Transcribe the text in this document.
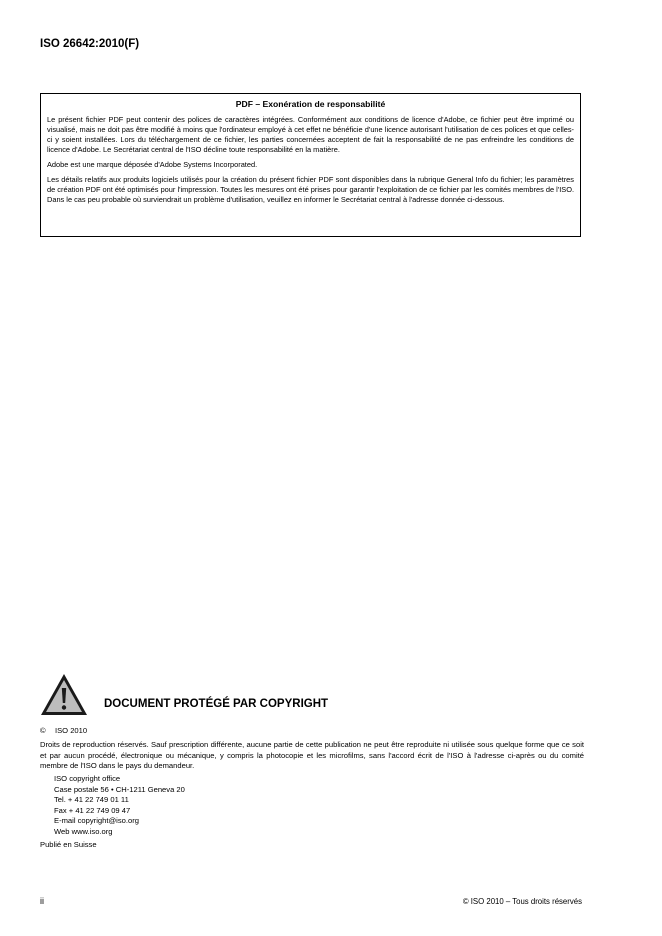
ISO 26642:2010(F)
PDF – Exonération de responsabilité

Le présent fichier PDF peut contenir des polices de caractères intégrées. Conformément aux conditions de licence d'Adobe, ce fichier peut être imprimé ou visualisé, mais ne doit pas être modifié à moins que l'ordinateur employé à cet effet ne bénéficie d'une licence autorisant l'utilisation de ces polices et que celles-ci y soient installées. Lors du téléchargement de ce fichier, les parties concernées acceptent de fait la responsabilité de ne pas enfreindre les conditions de licence d'Adobe. Le Secrétariat central de l'ISO décline toute responsabilité en la matière.

Adobe est une marque déposée d'Adobe Systems Incorporated.

Les détails relatifs aux produits logiciels utilisés pour la création du présent fichier PDF sont disponibles dans la rubrique General Info du fichier; les paramètres de création PDF ont été optimisés pour l'impression. Toutes les mesures ont été prises pour garantir l'exploitation de ce fichier par les comités membres de l'ISO. Dans le cas peu probable où surviendrait un problème d'utilisation, veuillez en informer le Secrétariat central à l'adresse donnée ci-dessous.

DOCUMENT PROTÉGÉ PAR COPYRIGHT
© ISO 2010
Droits de reproduction réservés. Sauf prescription différente, aucune partie de cette publication ne peut être reproduite ni utilisée sous quelque forme que ce soit et par aucun procédé, électronique ou mécanique, y compris la photocopie et les microfilms, sans l'accord écrit de l'ISO à l'adresse ci-après ou du comité membre de l'ISO dans le pays du demandeur.
ISO copyright office
Case postale 56 • CH-1211 Geneva 20
Tel. + 41 22 749 01 11
Fax + 41 22 749 09 47
E-mail copyright@iso.org
Web www.iso.org
Publié en Suisse
ii	© ISO 2010 – Tous droits réservés
